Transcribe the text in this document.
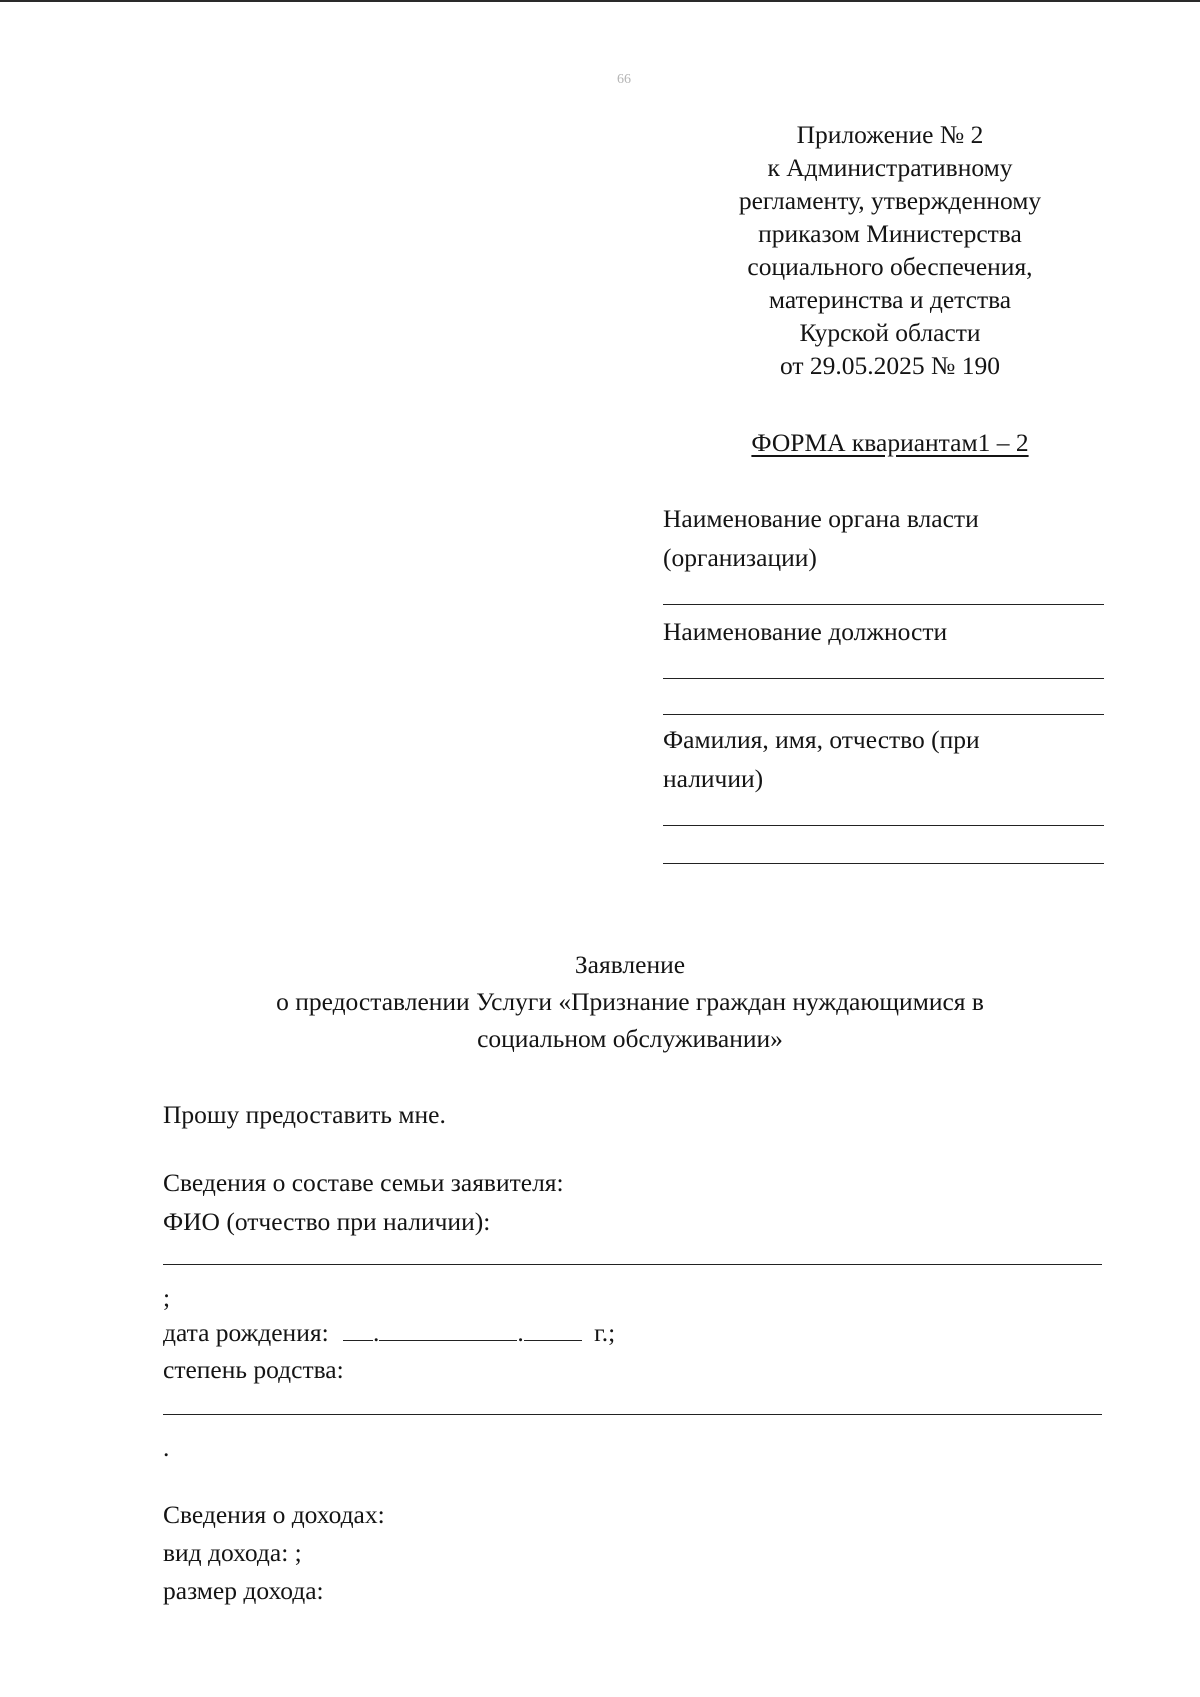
66
Приложение № 2
к Административному
регламенту, утвержденному
приказом Министерства
социального обеспечения,
материнства и детства
Курской области
от 29.05.2025 № 190
ФОРМА квариантам1 – 2
Наименование органа власти
(организации)
Наименование должности
Фамилия, имя, отчество (при
наличии)
Заявление
о предоставлении Услуги «Признание граждан нуждающимися в
социальном обслуживании»
Прошу предоставить мне.
Сведения о составе семьи заявителя:
ФИО (отчество при наличии):
;
дата рождения: .	.	г.;
степень родства:
.
Сведения о доходах:
вид дохода: ;
размер дохода:
